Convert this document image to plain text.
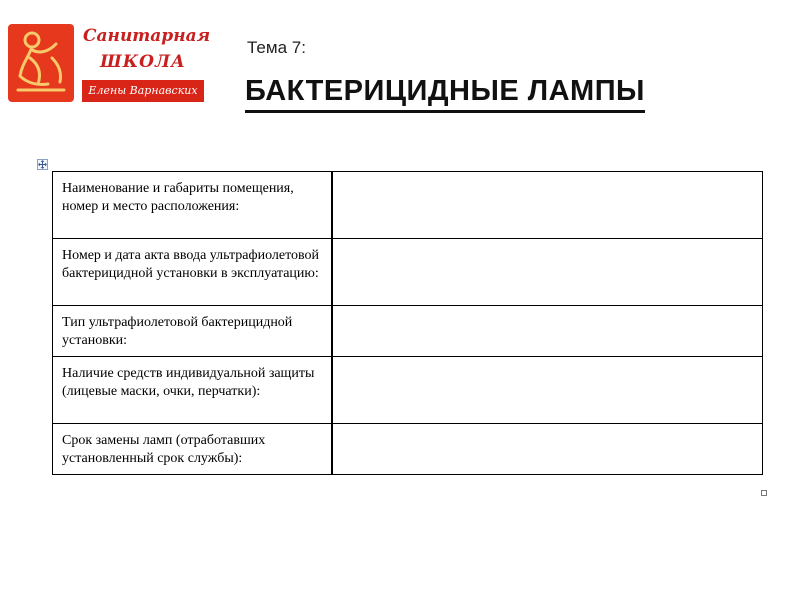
Санитарная
ШКОЛА
Елены Варнавских
Тема 7:
БАКТЕРИЦИДНЫЕ ЛАМПЫ
Наименование и габариты помещения, номер и место расположения:	
Номер и дата акта ввода ультрафиолетовой бактерицидной установки в эксплуатацию:	
Тип ультрафиолетовой бактерицидной установки:	
Наличие средств индивидуальной защиты (лицевые маски, очки, перчатки):	
Срок замены ламп (отработавших установленный срок службы):	
